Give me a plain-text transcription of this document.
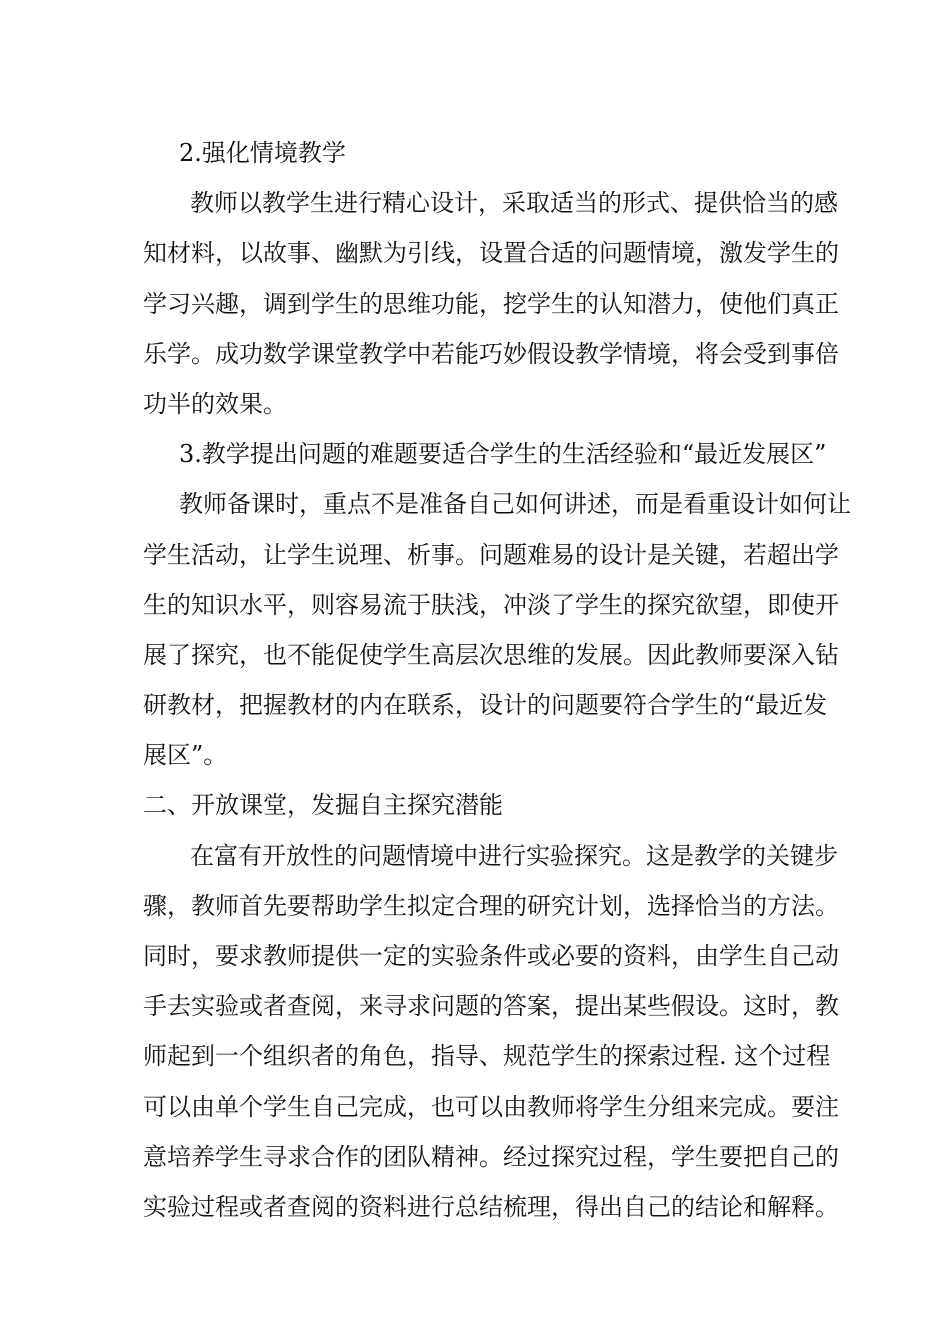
2.强化情境教学
教师以教学生进行精心设计，采取适当的形式、提供恰当的感
知材料，以故事、幽默为引线，设置合适的问题情境，激发学生的
学习兴趣，调到学生的思维功能，挖学生的认知潜力，使他们真正
乐学。成功数学课堂教学中若能巧妙假设教学情境，将会受到事倍
功半的效果。
3.教学提出问题的难题要适合学生的生活经验和“最近发展区”
教师备课时，重点不是准备自己如何讲述，而是看重设计如何让
学生活动，让学生说理、析事。问题难易的设计是关键，若超出学
生的知识水平，则容易流于肤浅，冲淡了学生的探究欲望，即使开
展了探究，也不能促使学生高层次思维的发展。因此教师要深入钻
研教材，把握教材的内在联系，设计的问题要符合学生的“最近发
展区”。
二、开放课堂，发掘自主探究潜能
在富有开放性的问题情境中进行实验探究。这是教学的关键步
骤，教师首先要帮助学生拟定合理的研究计划，选择恰当的方法。
同时，要求教师提供一定的实验条件或必要的资料，由学生自己动
手去实验或者查阅，来寻求问题的答案，提出某些假设。这时，教
师起到一个组织者的角色，指导、规范学生的探索过程. 这个过程
可以由单个学生自己完成，也可以由教师将学生分组来完成。要注
意培养学生寻求合作的团队精神。经过探究过程，学生要把自己的
实验过程或者查阅的资料进行总结梳理，得出自己的结论和解释。
